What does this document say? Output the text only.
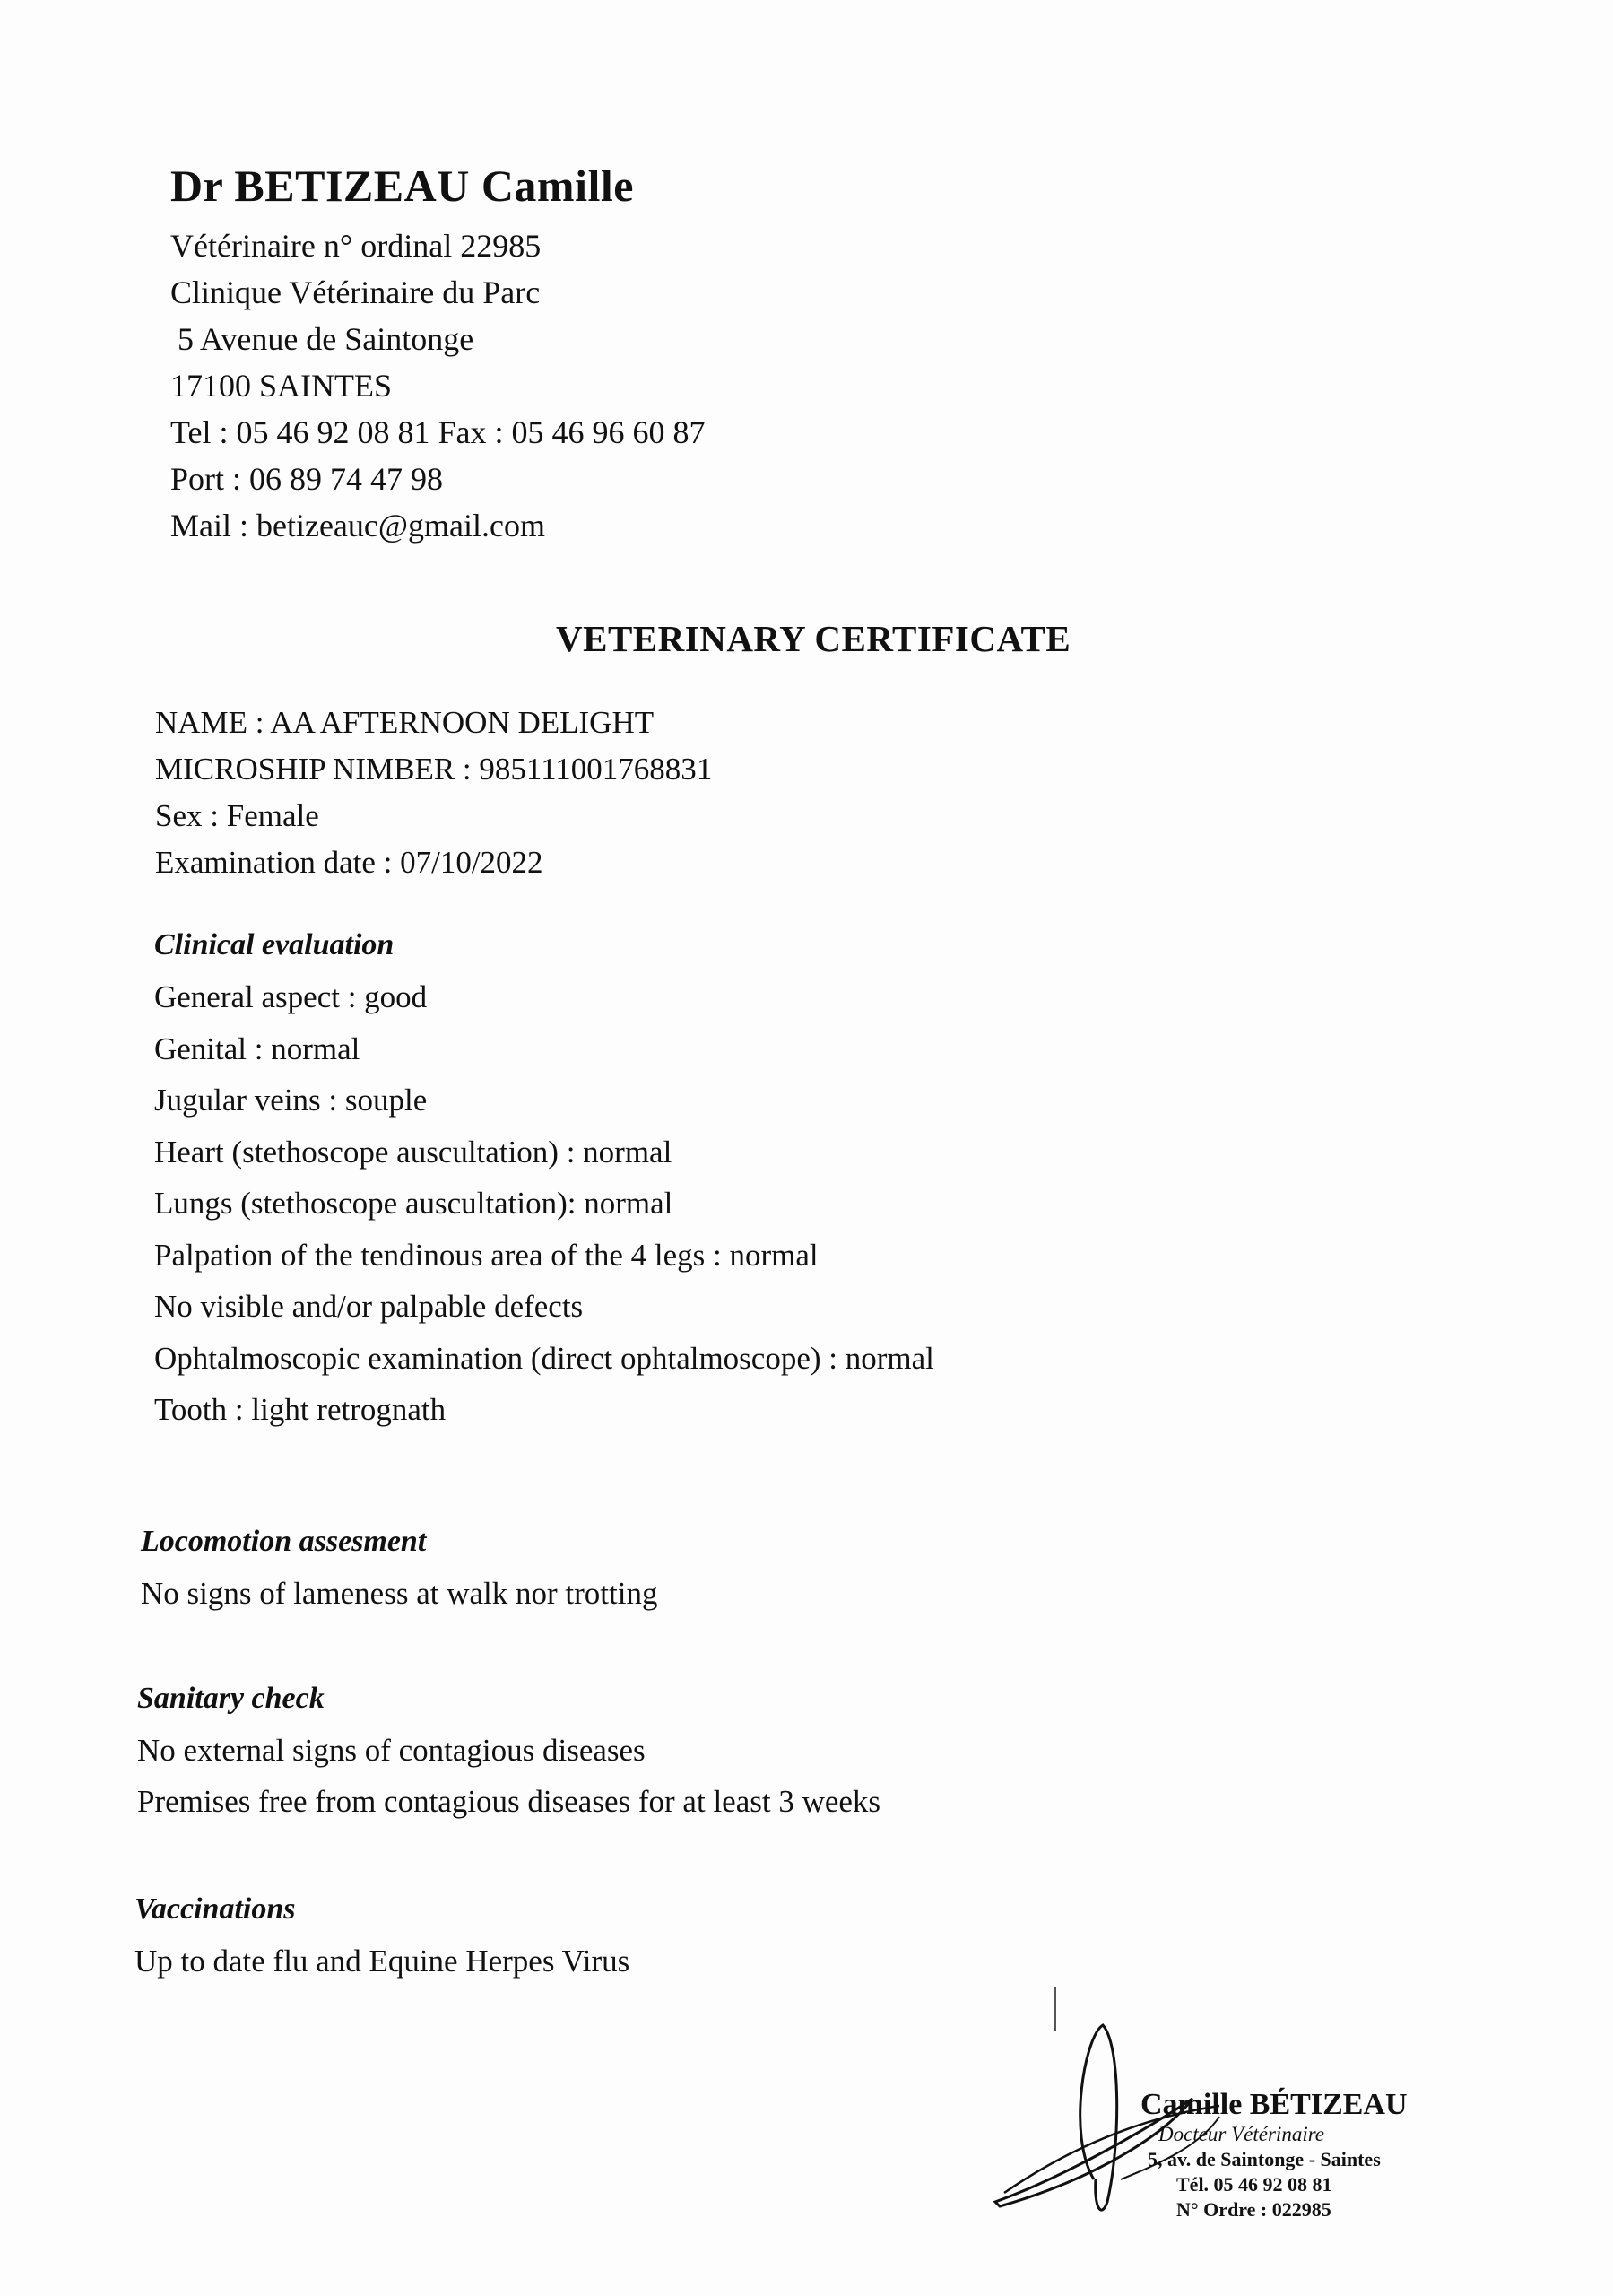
Dr BETIZEAU Camille

Vétérinaire n° ordinal 22985

Clinique Vétérinaire du Parc

5 Avenue de Saintonge

17100 SAINTES

Tel : 05 46 92 08 81 Fax : 05 46 96 60 87

Port : 06 89 74 47 98

Mail : betizeauc@gmail.com

VETERINARY CERTIFICATE

NAME : AA AFTERNOON DELIGHT

MICROSHIP NIMBER : 985111001768831

Sex : Female

Examination date : 07/10/2022

Clinical evaluation

General aspect : good

Genital : normal

Jugular veins : souple

Heart (stethoscope auscultation) : normal

Lungs (stethoscope auscultation): normal

Palpation of the tendinous area of the 4 legs : normal

No visible and/or palpable defects

Ophtalmoscopic examination (direct ophtalmoscope) : normal

Tooth : light retrognath

Locomotion assesment

No signs of lameness at walk nor trotting

Sanitary check

No external signs of contagious diseases

Premises free from contagious diseases for at least 3 weeks

Vaccinations

Up to date flu and Equine Herpes Virus

Camille BÉTIZEAU

Docteur Vétérinaire

5, av. de Saintonge - Saintes

Tél. 05 46 92 08 81

N° Ordre : 022985
